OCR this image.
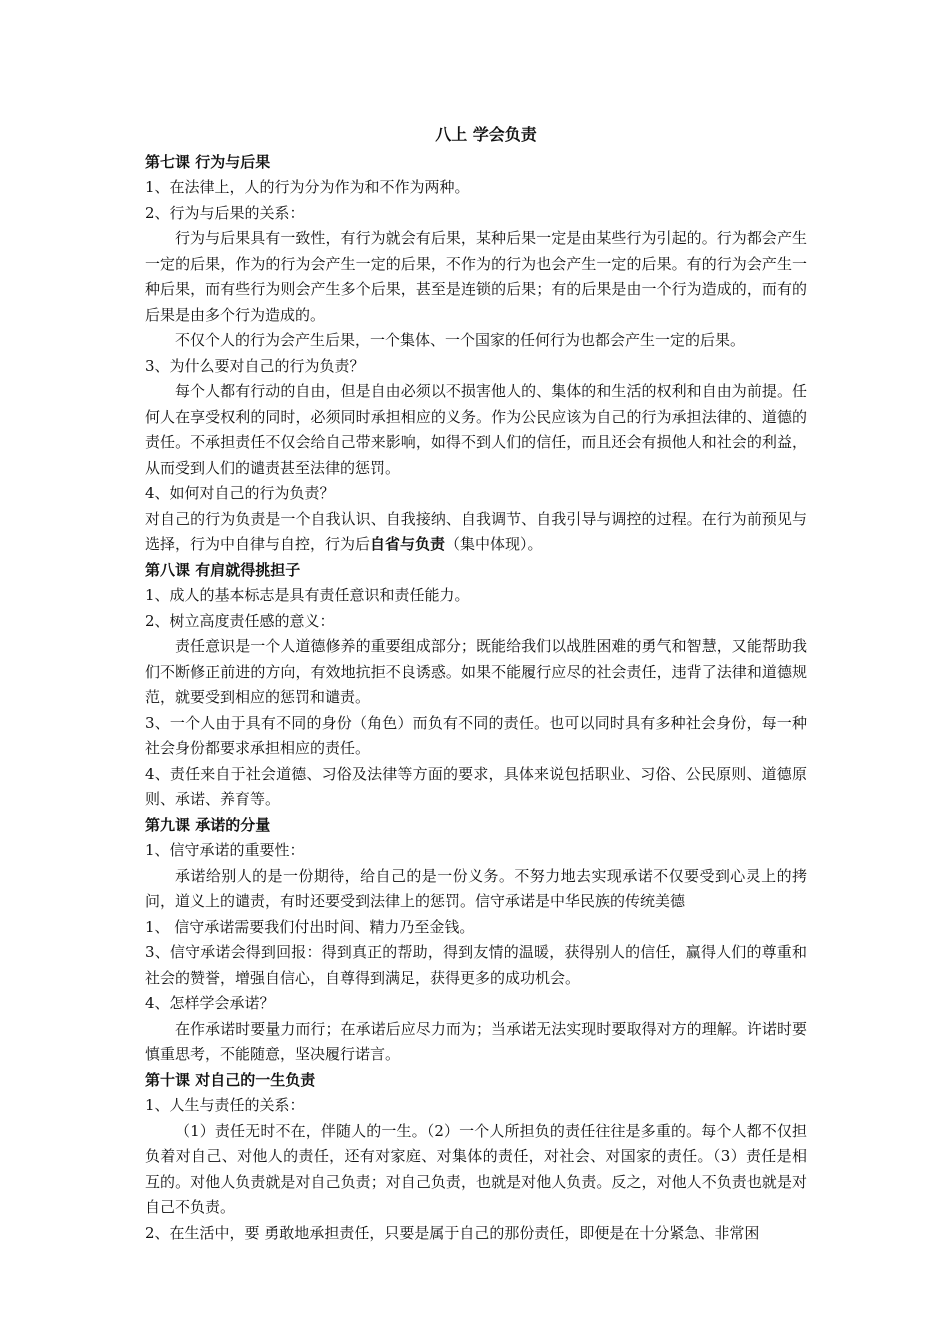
八上 学会负责
第七课 行为与后果
1、在法律上，人的行为分为作为和不作为两种。
2、行为与后果的关系：
行为与后果具有一致性，有行为就会有后果，某种后果一定是由某些行为引起的。行为都会产生一定的后果，作为的行为会产生一定的后果，不作为的行为也会产生一定的后果。有的行为会产生一种后果，而有些行为则会产生多个后果，甚至是连锁的后果；有的后果是由一个行为造成的，而有的后果是由多个行为造成的。
不仅个人的行为会产生后果，一个集体、一个国家的任何行为也都会产生一定的后果。
3、为什么要对自己的行为负责？
每个人都有行动的自由，但是自由必须以不损害他人的、集体的和生活的权利和自由为前提。任何人在享受权利的同时，必须同时承担相应的义务。作为公民应该为自己的行为承担法律的、道德的责任。不承担责任不仅会给自己带来影响，如得不到人们的信任，而且还会有损他人和社会的利益，从而受到人们的谴责甚至法律的惩罚。
4、如何对自己的行为负责？
对自己的行为负责是一个自我认识、自我接纳、自我调节、自我引导与调控的过程。在行为前预见与选择，行为中自律与自控，行为后自省与负责（集中体现）。
第八课 有肩就得挑担子
1、成人的基本标志是具有责任意识和责任能力。
2、树立高度责任感的意义：
责任意识是一个人道德修养的重要组成部分；既能给我们以战胜困难的勇气和智慧，又能帮助我们不断修正前进的方向，有效地抗拒不良诱惑。如果不能履行应尽的社会责任，违背了法律和道德规范，就要受到相应的惩罚和谴责。
3、一个人由于具有不同的身份（角色）而负有不同的责任。也可以同时具有多种社会身份，每一种社会身份都要求承担相应的责任。
4、责任来自于社会道德、习俗及法律等方面的要求，具体来说包括职业、习俗、公民原则、道德原则、承诺、养育等。
第九课 承诺的分量
1、信守承诺的重要性：
承诺给别人的是一份期待，给自己的是一份义务。不努力地去实现承诺不仅要受到心灵上的拷问，道义上的谴责，有时还要受到法律上的惩罚。信守承诺是中华民族的传统美德
1、 信守承诺需要我们付出时间、精力乃至金钱。
3、信守承诺会得到回报：得到真正的帮助，得到友情的温暖，获得别人的信任，赢得人们的尊重和社会的赞誉，增强自信心，自尊得到满足，获得更多的成功机会。
4、怎样学会承诺？
在作承诺时要量力而行；在承诺后应尽力而为；当承诺无法实现时要取得对方的理解。许诺时要慎重思考，不能随意，坚决履行诺言。
第十课 对自己的一生负责
1、人生与责任的关系：
（1）责任无时不在，伴随人的一生。（2）一个人所担负的责任往往是多重的。每个人都不仅担负着对自己、对他人的责任，还有对家庭、对集体的责任，对社会、对国家的责任。（3）责任是相互的。对他人负责就是对自己负责；对自己负责，也就是对他人负责。反之，对他人不负责也就是对自己不负责。
2、在生活中，要 勇敢地承担责任，只要是属于自己的那份责任，即便是在十分紧急、非常困
